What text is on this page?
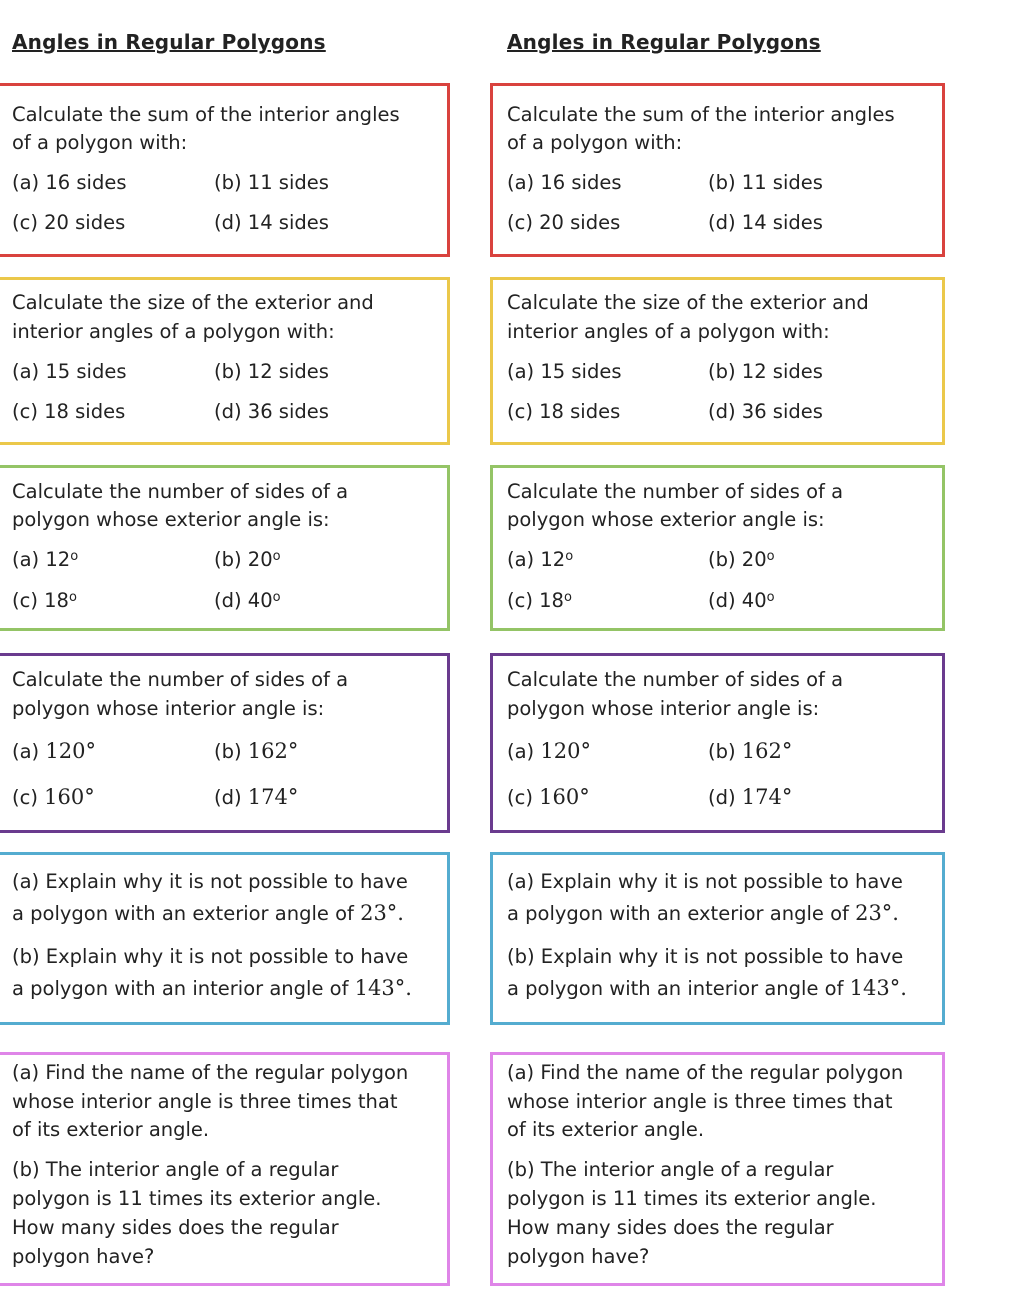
Angles in Regular Polygons
Calculate the sum of the interior angles
of a polygon with:
(a) 16 sides	(b) 11 sides
(c) 20 sides	(d) 14 sides
Calculate the size of the exterior and
interior angles of a polygon with:
(a) 15 sides	(b) 12 sides
(c) 18 sides	(d) 36 sides
Calculate the number of sides of a
polygon whose exterior angle is:
(a) 12$^o$	(b) 20$^o$
(c) 18$^o$	(d) 40$^o$
Calculate the number of sides of a
polygon whose interior angle is:
(a) 120°	(b) 162°
(c) 160°	(d) 174°
(a) Explain why it is not possible to have
a polygon with an exterior angle of 23°.
(b) Explain why it is not possible to have
a polygon with an interior angle of 143°.
(a) Find the name of the regular polygon
whose interior angle is three times that
of its exterior angle.
(b) The interior angle of a regular
polygon is 11 times its exterior angle.
How many sides does the regular
polygon have?
Angles in Regular Polygons
Calculate the sum of the interior angles
of a polygon with:
(a) 16 sides	(b) 11 sides
(c) 20 sides	(d) 14 sides
Calculate the size of the exterior and
interior angles of a polygon with:
(a) 15 sides	(b) 12 sides
(c) 18 sides	(d) 36 sides
Calculate the number of sides of a
polygon whose exterior angle is:
(a) 12$^o$	(b) 20$^o$
(c) 18$^o$	(d) 40$^o$
Calculate the number of sides of a
polygon whose interior angle is:
(a) 120°	(b) 162°
(c) 160°	(d) 174°
(a) Explain why it is not possible to have
a polygon with an exterior angle of 23°.
(b) Explain why it is not possible to have
a polygon with an interior angle of 143°.
(a) Find the name of the regular polygon
whose interior angle is three times that
of its exterior angle.
(b) The interior angle of a regular
polygon is 11 times its exterior angle.
How many sides does the regular
polygon have?
